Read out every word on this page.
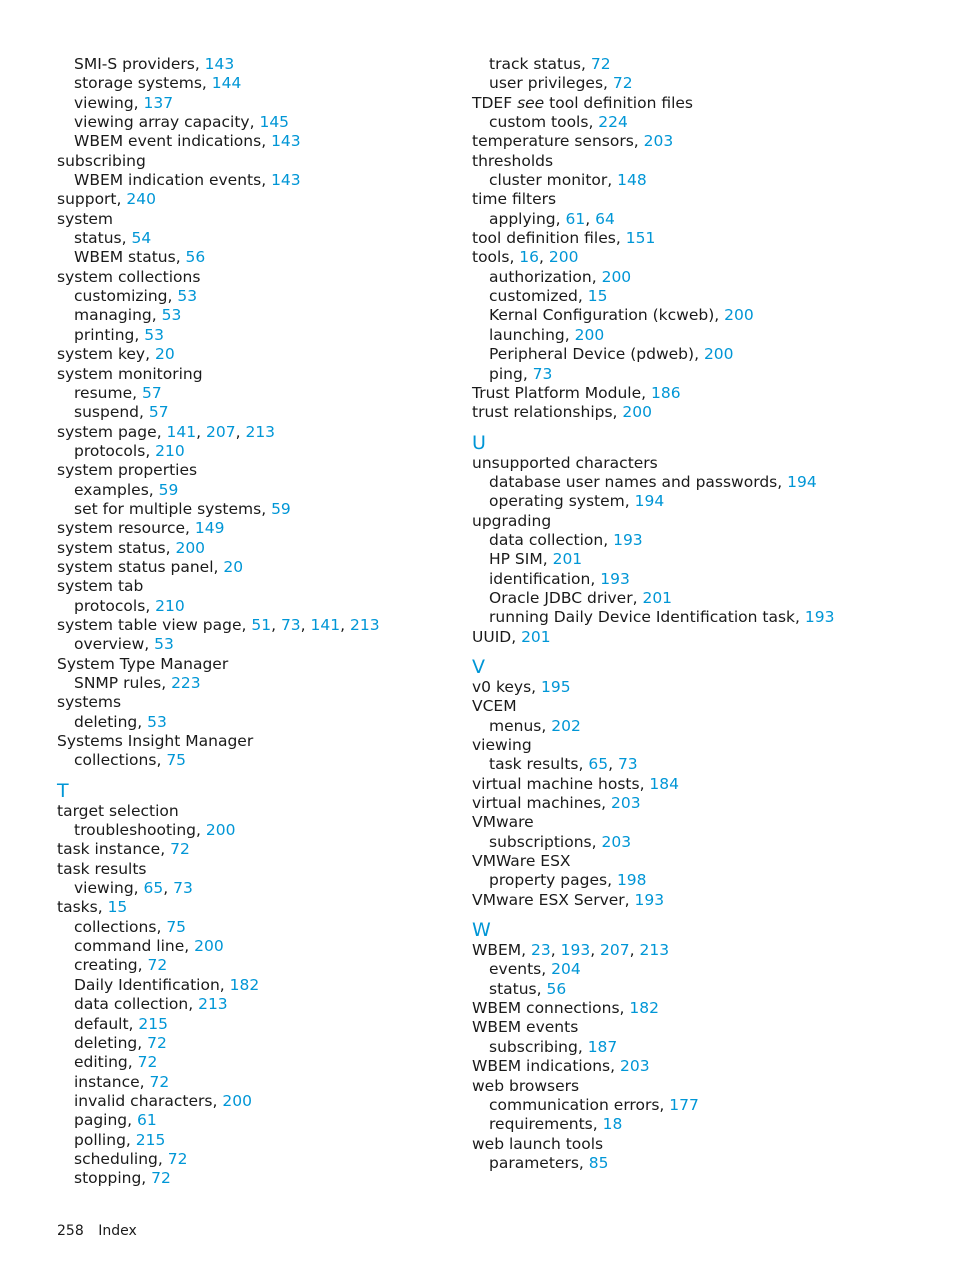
SMI-S providers, 143
storage systems, 144
viewing, 137
viewing array capacity, 145
WBEM event indications, 143
subscribing
WBEM indication events, 143
support, 240
system
status, 54
WBEM status, 56
system collections
customizing, 53
managing, 53
printing, 53
system key, 20
system monitoring
resume, 57
suspend, 57
system page, 141, 207, 213
protocols, 210
system properties
examples, 59
set for multiple systems, 59
system resource, 149
system status, 200
system status panel, 20
system tab
protocols, 210
system table view page, 51, 73, 141, 213
overview, 53
System Type Manager
SNMP rules, 223
systems
deleting, 53
Systems Insight Manager
collections, 75
T
target selection
troubleshooting, 200
task instance, 72
task results
viewing, 65, 73
tasks, 15
collections, 75
command line, 200
creating, 72
Daily Identification, 182
data collection, 213
default, 215
deleting, 72
editing, 72
instance, 72
invalid characters, 200
paging, 61
polling, 215
scheduling, 72
stopping, 72
track status, 72
user privileges, 72
TDEF see tool definition files
custom tools, 224
temperature sensors, 203
thresholds
cluster monitor, 148
time filters
applying, 61, 64
tool definition files, 151
tools, 16, 200
authorization, 200
customized, 15
Kernal Configuration (kcweb), 200
launching, 200
Peripheral Device (pdweb), 200
ping, 73
Trust Platform Module, 186
trust relationships, 200
U
unsupported characters
database user names and passwords, 194
operating system, 194
upgrading
data collection, 193
HP SIM, 201
identification, 193
Oracle JDBC driver, 201
running Daily Device Identification task, 193
UUID, 201
V
v0 keys, 195
VCEM
menus, 202
viewing
task results, 65, 73
virtual machine hosts, 184
virtual machines, 203
VMware
subscriptions, 203
VMWare ESX
property pages, 198
VMware ESX Server, 193
W
WBEM, 23, 193, 207, 213
events, 204
status, 56
WBEM connections, 182
WBEM events
subscribing, 187
WBEM indications, 203
web browsers
communication errors, 177
requirements, 18
web launch tools
parameters, 85
258 Index
